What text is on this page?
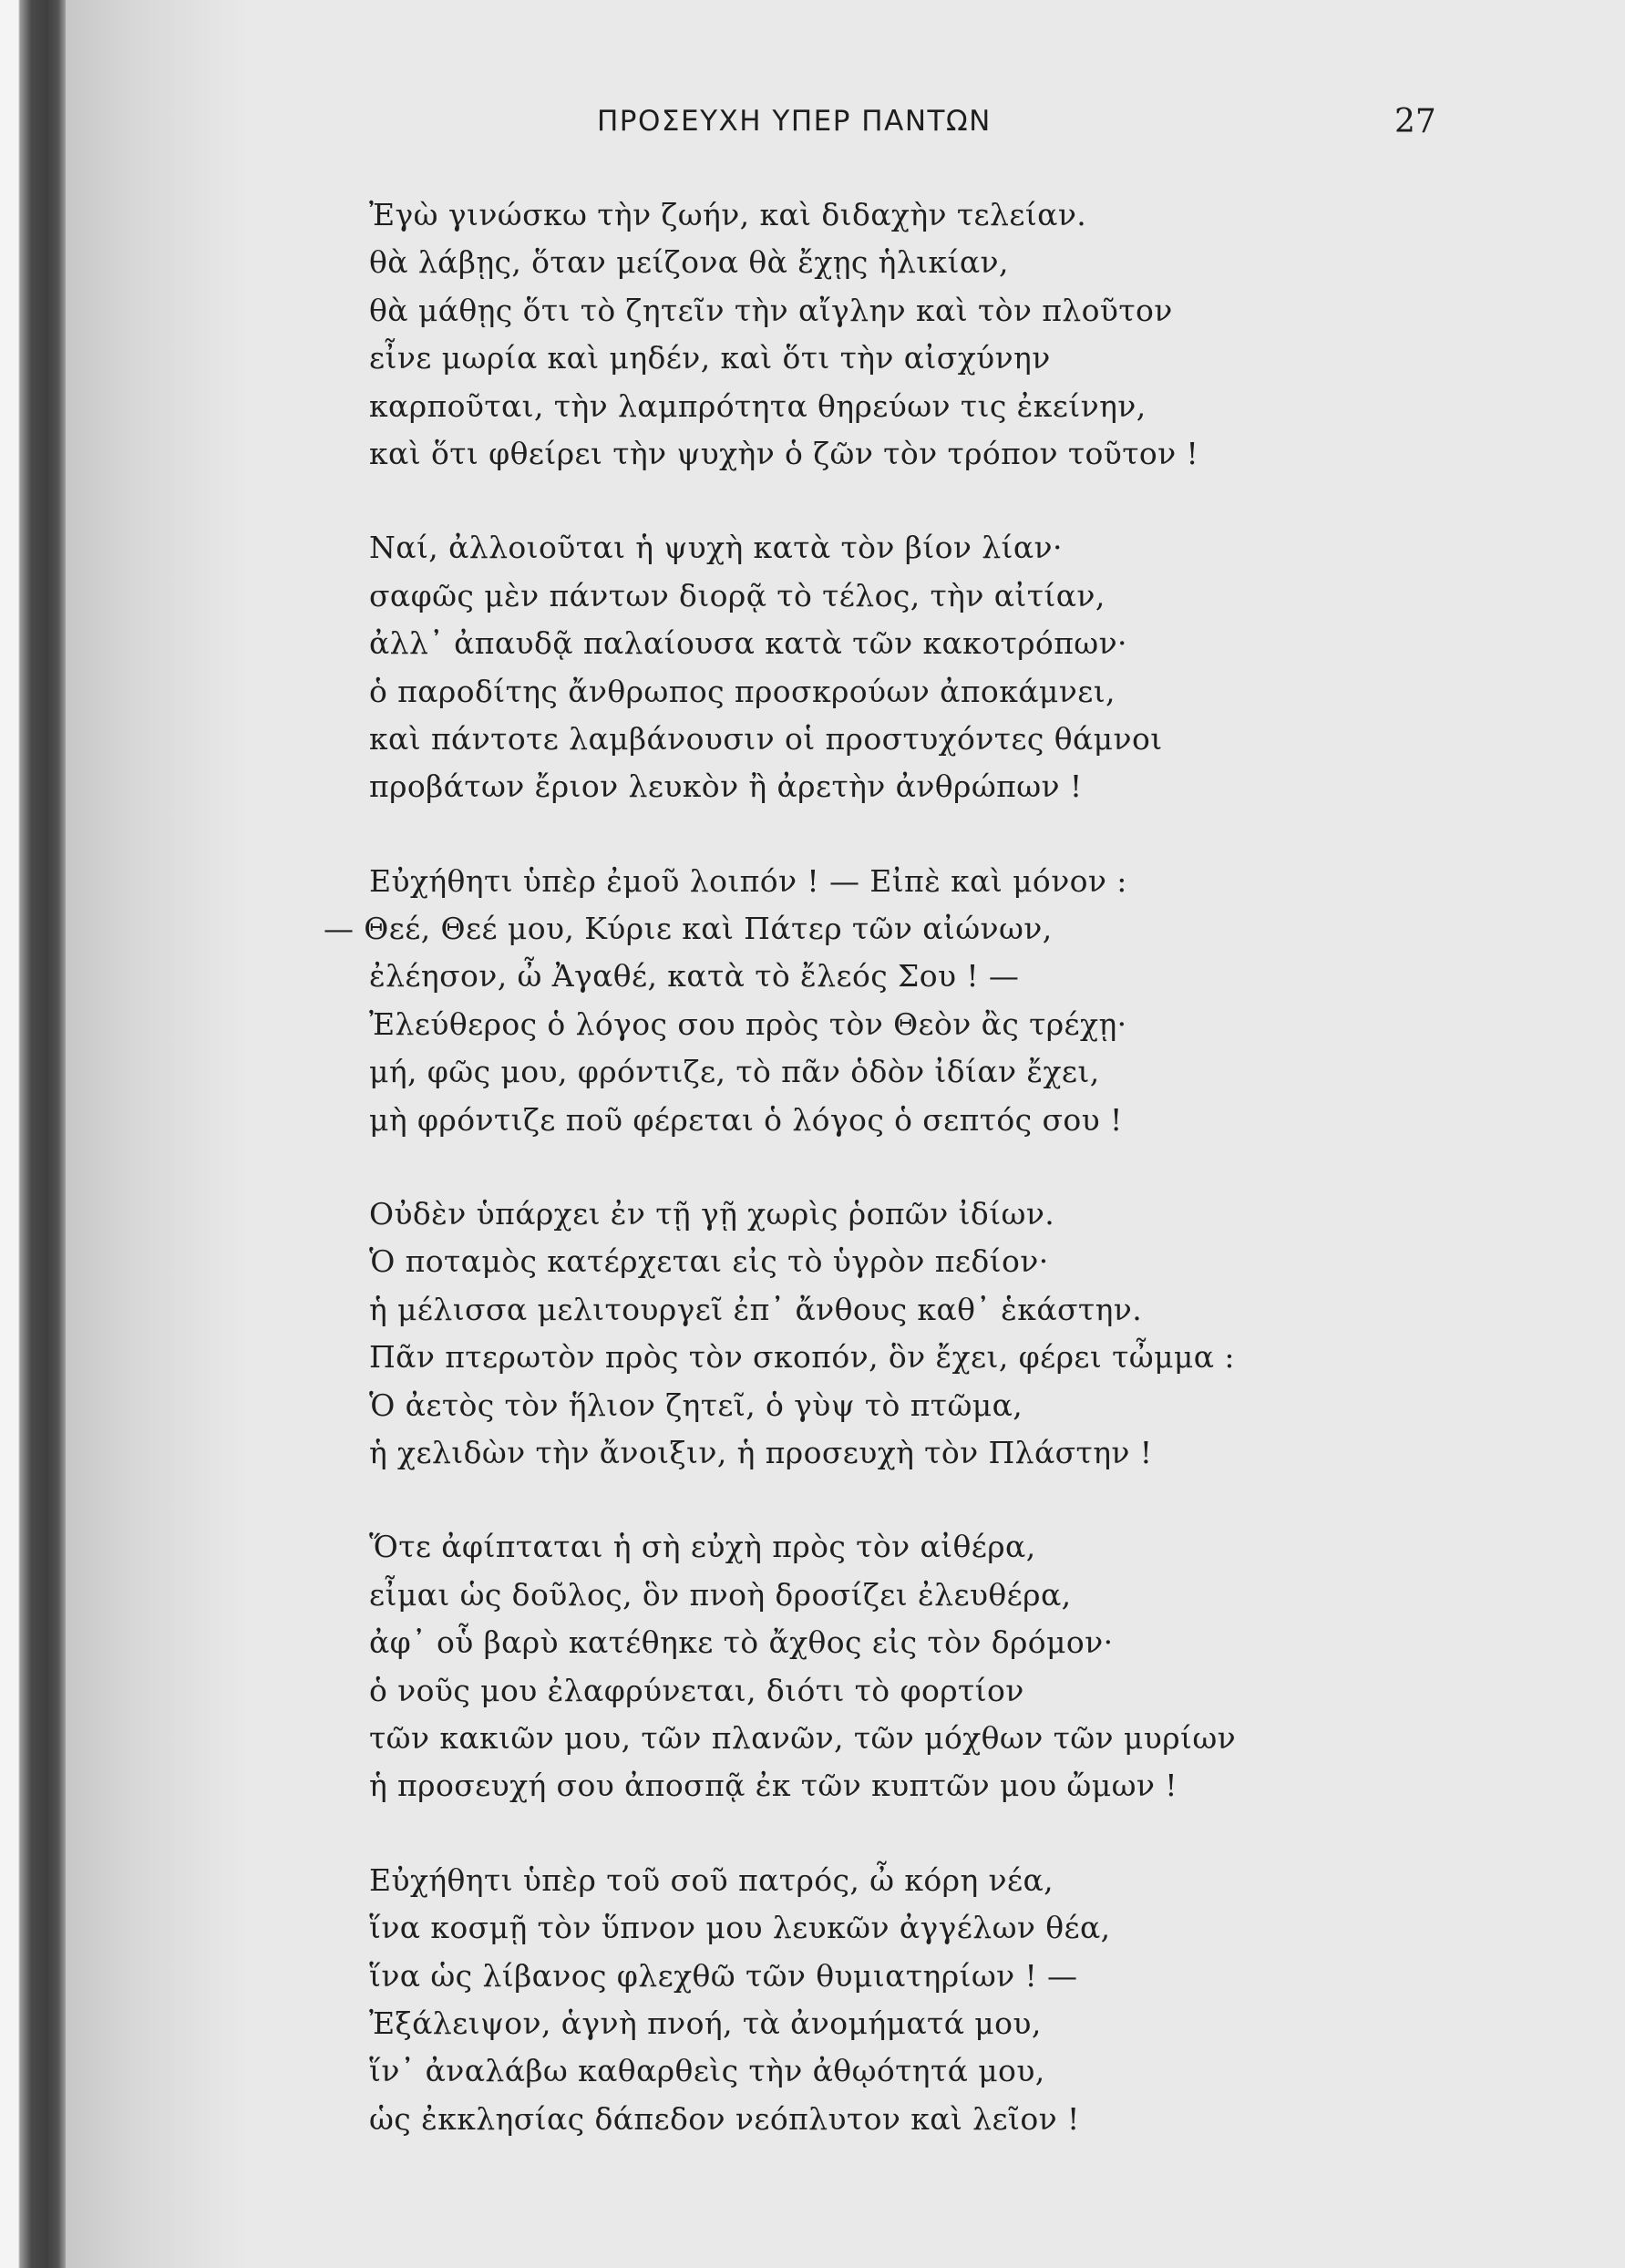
ΠΡΟΣΕΥΧΗ ΥΠΕΡ ΠΑΝΤΩΝ	27
Ἐγὼ γινώσκω τὴν ζωήν, καὶ διδαχὴν τελείαν.
θὰ λάβῃς, ὅταν μείζονα θὰ ἔχῃς ἡλικίαν,
θὰ μάθῃς ὅτι τὸ ζητεῖν τὴν αἴγλην καὶ τὸν πλοῦτον
εἶνε μωρία καὶ μηδέν, καὶ ὅτι τὴν αἰσχύνην
καρποῦται, τὴν λαμπρότητα θηρεύων τις ἐκείνην,
καὶ ὅτι φθείρει τὴν ψυχὴν ὁ ζῶν τὸν τρόπον τοῦτον !
Ναί, ἀλλοιοῦται ἡ ψυχὴ κατὰ τὸν βίον λίαν·
σαφῶς μὲν πάντων διορᾷ τὸ τέλος, τὴν αἰτίαν,
ἀλλ᾽ ἀπαυδᾷ παλαίουσα κατὰ τῶν κακοτρόπων·
ὁ παροδίτης ἄνθρωπος προσκρούων ἀποκάμνει,
καὶ πάντοτε λαμβάνουσιν οἱ προστυχόντες θάμνοι
προβάτων ἔριον λευκὸν ἢ ἀρετὴν ἀνθρώπων !
Εὐχήθητι ὑπὲρ ἐμοῦ λοιπόν ! — Εἰπὲ καὶ μόνον :
— Θεέ, Θεέ μου, Κύριε καὶ Πάτερ τῶν αἰώνων,
ἐλέησον, ὦ Ἀγαθέ, κατὰ τὸ ἔλεός Σου ! —
Ἐλεύθερος ὁ λόγος σου πρὸς τὸν Θεὸν ἂς τρέχῃ·
μή, φῶς μου, φρόντιζε, τὸ πᾶν ὁδὸν ἰδίαν ἔχει,
μὴ φρόντιζε ποῦ φέρεται ὁ λόγος ὁ σεπτός σου !
Οὐδὲν ὑπάρχει ἐν τῇ γῇ χωρὶς ῥοπῶν ἰδίων.
Ὁ ποταμὸς κατέρχεται εἰς τὸ ὑγρὸν πεδίον·
ἡ μέλισσα μελιτουργεῖ ἐπ᾽ ἄνθους καθ᾽ ἑκάστην.
Πᾶν πτερωτὸν πρὸς τὸν σκοπόν, ὃν ἔχει, φέρει τὦμμα :
Ὁ ἀετὸς τὸν ἥλιον ζητεῖ, ὁ γὺψ τὸ πτῶμα,
ἡ χελιδὼν τὴν ἄνοιξιν, ἡ προσευχὴ τὸν Πλάστην !
Ὅτε ἀφίπταται ἡ σὴ εὐχὴ πρὸς τὸν αἰθέρα,
εἶμαι ὡς δοῦλος, ὃν πνοὴ δροσίζει ἐλευθέρα,
ἀφ᾽ οὗ βαρὺ κατέθηκε τὸ ἄχθος εἰς τὸν δρόμον·
ὁ νοῦς μου ἐλαφρύνεται, διότι τὸ φορτίον
τῶν κακιῶν μου, τῶν πλανῶν, τῶν μόχθων τῶν μυρίων
ἡ προσευχή σου ἀποσπᾷ ἐκ τῶν κυπτῶν μου ὤμων !
Εὐχήθητι ὑπὲρ τοῦ σοῦ πατρός, ὦ κόρη νέα,
ἵνα κοσμῇ τὸν ὕπνον μου λευκῶν ἀγγέλων θέα,
ἵνα ὡς λίβανος φλεχθῶ τῶν θυμιατηρίων ! —
Ἐξάλειψον, ἁγνὴ πνοή, τὰ ἀνομήματά μου,
ἵν᾽ ἀναλάβω καθαρθεὶς τὴν ἀθῳότητά μου,
ὡς ἐκκλησίας δάπεδον νεόπλυτον καὶ λεῖον !
